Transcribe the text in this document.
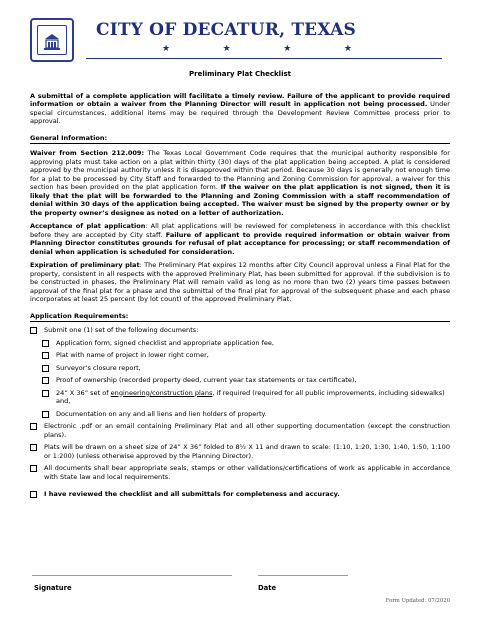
CITY OF DECATUR, TEXAS
★	★	★	★
Preliminary Plat Checklist

A submittal of a complete application will facilitate a timely review. Failure of the applicant to provide required information or obtain a waiver from the Planning Director will result in application not being processed. Under special circumstances, additional items may be required through the Development Review Committee process prior to approval.

General Information:

Waiver from Section 212.009: The Texas Local Government Code requires that the municipal authority responsible for approving plats must take action on a plat within thirty (30) days of the plat application being accepted. A plat is considered approved by the municipal authority unless it is disapproved within that period. Because 30 days is generally not enough time for a plat to be processed by City Staff and forwarded to the Planning and Zoning Commission for approval, a waiver for this section has been provided on the plat application form. If the waiver on the plat application is not signed, then it is likely that the plat will be forwarded to the Planning and Zoning Commission with a staff recommendation of denial within 30 days of the application being accepted. The waiver must be signed by the property owner or by the property owner’s designee as noted on a letter of authorization.

Acceptance of plat application: All plat applications will be reviewed for completeness in accordance with this checklist before they are accepted by City staff. Failure of applicant to provide required information or obtain waiver from Planning Director constitutes grounds for refusal of plat acceptance for processing; or staff recommendation of denial when application is scheduled for consideration.

Expiration of preliminary plat: The Preliminary Plat expires 12 months after City Council approval unless a Final Plat for the property, consistent in all respects with the approved Preliminary Plat, has been submitted for approval. If the subdivision is to be constructed in phases, the Preliminary Plat will remain valid as long as no more than two (2) years time passes between approval of the final plat for a phase and the submittal of the final plat for approval of the subsequent phase and each phase incorporates at least 25 percent (by lot count) of the approved Preliminary Plat.

Application Requirements:
Submit one (1) set of the following documents:
Application form, signed checklist and appropriate application fee,
Plat with name of project in lower right corner,
Surveyor’s closure report,
Proof of ownership (recorded property deed, current year tax statements or tax certificate),
24” X 36” set of engineering/construction plans, if required (required for all public improvements, including sidewalks) and,
Documentation on any and all liens and lien holders of property.
Electronic .pdf or an email containing Preliminary Plat and all other supporting documentation (except the construction plans).
Plats will be drawn on a sheet size of 24” X 36” folded to 8½ X 11 and drawn to scale: (1:10, 1:20, 1:30, 1:40, 1:50, 1:100 or 1:200) (unless otherwise approved by the Planning Director).
All documents shall bear appropriate seals, stamps or other validations/certifications of work as applicable in accordance with State law and local requirements.
I have reviewed the checklist and all submittals for completeness and accuracy.
Signature	Date
Form Updated: 07/2020
